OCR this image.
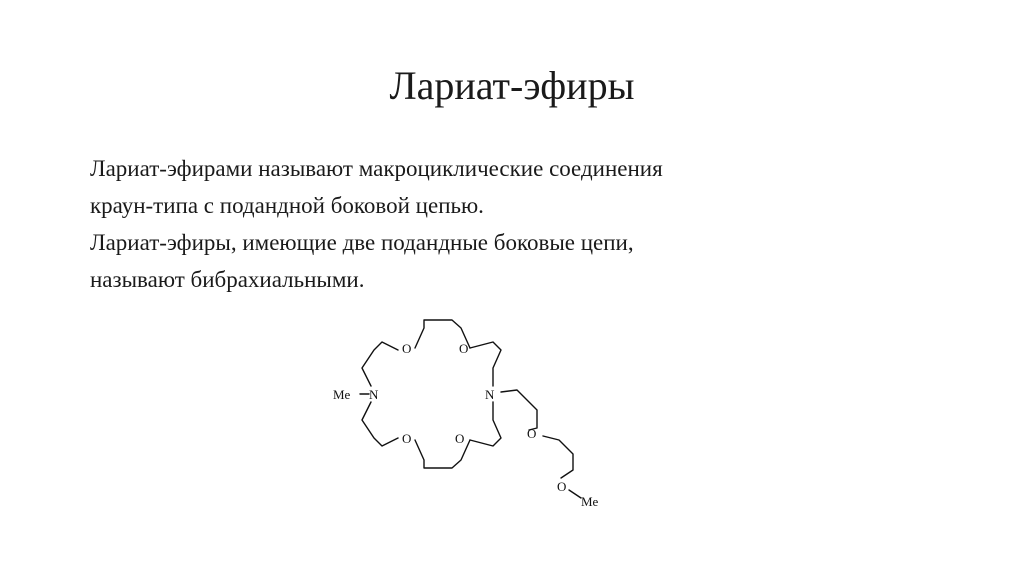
Лариат-эфиры

Лариат-эфирами называют макроциклические соединения

краун-типа с подандной боковой цепью.

Лариат-эфиры, имеющие две подандные боковые цепи,

называют бибрахиальными.

Me N	N
O	O
O	O	O
O
Me
